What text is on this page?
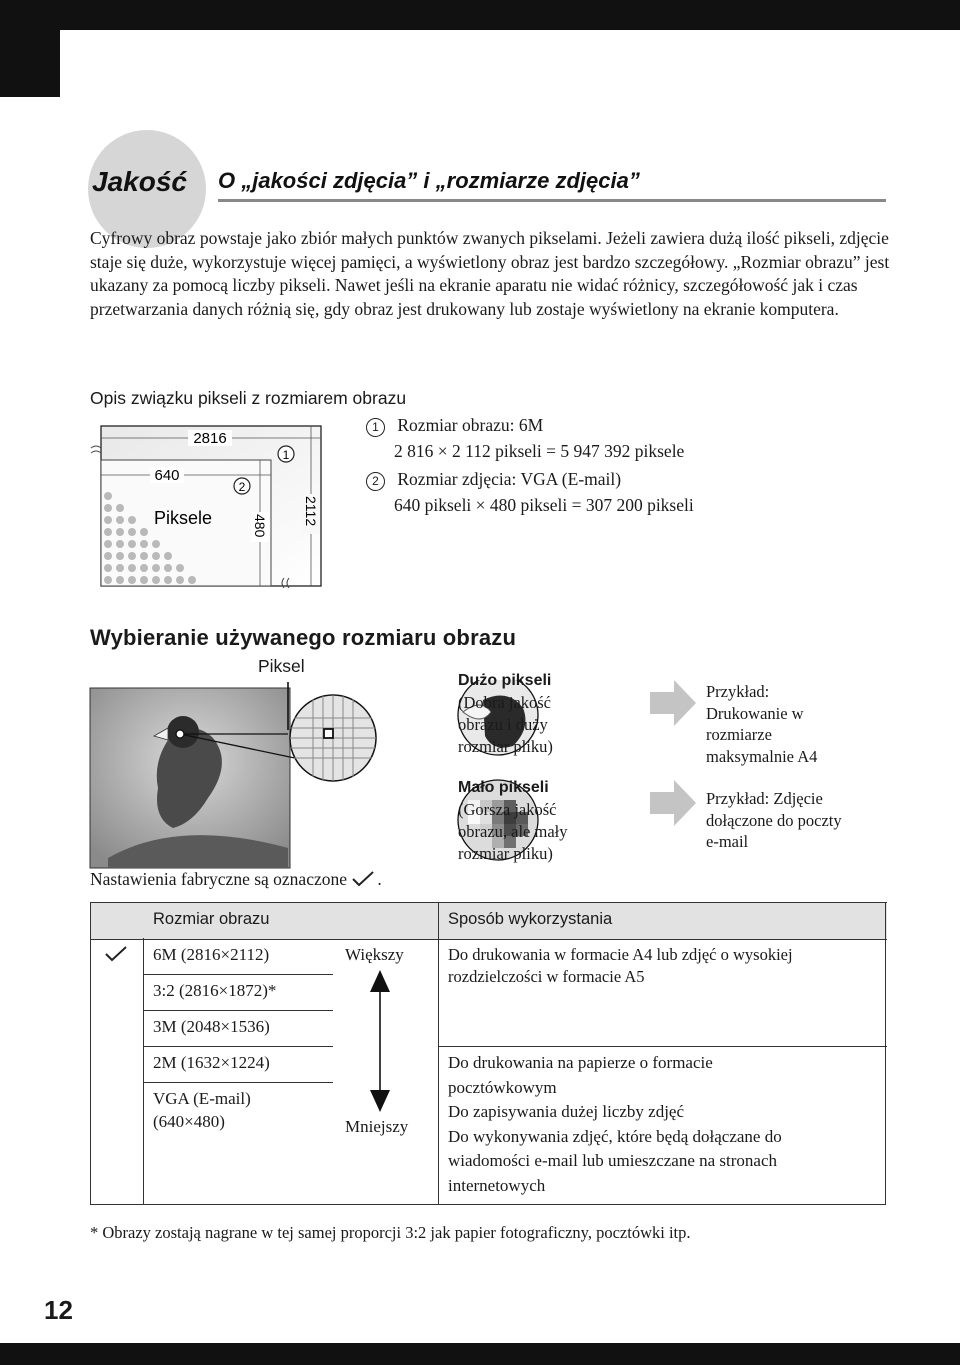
Jakość O „jakości zdjęcia” i „rozmiarze zdjęcia”
Cyfrowy obraz powstaje jako zbiór małych punktów zwanych pikselami. Jeżeli zawiera dużą ilość pikseli, zdjęcie staje się duże, wykorzystuje więcej pamięci, a wyświetlony obraz jest bardzo szczegółowy. „Rozmiar obrazu” jest ukazany za pomocą liczby pikseli. Nawet jeśli na ekranie aparatu nie widać różnicy, szczegółowość jak i czas przetwarzania danych różnią się, gdy obraz jest drukowany lub zostaje wyświetlony na ekranie komputera.
Opis związku pikseli z rozmiarem obrazu
2816
640
Piksele	2112
480
1
2
1 Rozmiar obrazu: 6M
2 816 × 2 112 pikseli = 5 947 392 piksele
2 Rozmiar zdjęcia: VGA (E-mail)
640 pikseli × 480 pikseli = 307 200 pikseli
Wybieranie używanego rozmiaru obrazu
Piksel
Dużo pikseli
(Dobra jakość
obrazu i duży
rozmiar pliku)
Mało pikseli
(Gorsza jakość
obrazu, ale mały
rozmiar pliku)
Przykład:
Drukowanie w
rozmiarze
maksymalnie A4
Przykład: Zdjęcie
dołączone do poczty
e-mail
Nastawienia fabryczne są oznaczone .
Rozmiar obrazu	Sposób wykorzystania
6M (2816×2112)
3:2 (2816×1872)*
3M (2048×1536)
2M (1632×1224)
VGA (E-mail)
(640×480)
Większy
Mniejszy
Do drukowania w formacie A4 lub zdjęć o wysokiej
rozdzielczości w formacie A5
Do drukowania na papierze o formacie
pocztówkowym
Do zapisywania dużej liczby zdjęć
Do wykonywania zdjęć, które będą dołączane do
wiadomości e-mail lub umieszczane na stronach
internetowych
* Obrazy zostają nagrane w tej samej proporcji 3:2 jak papier fotograficzny, pocztówki itp.
12
